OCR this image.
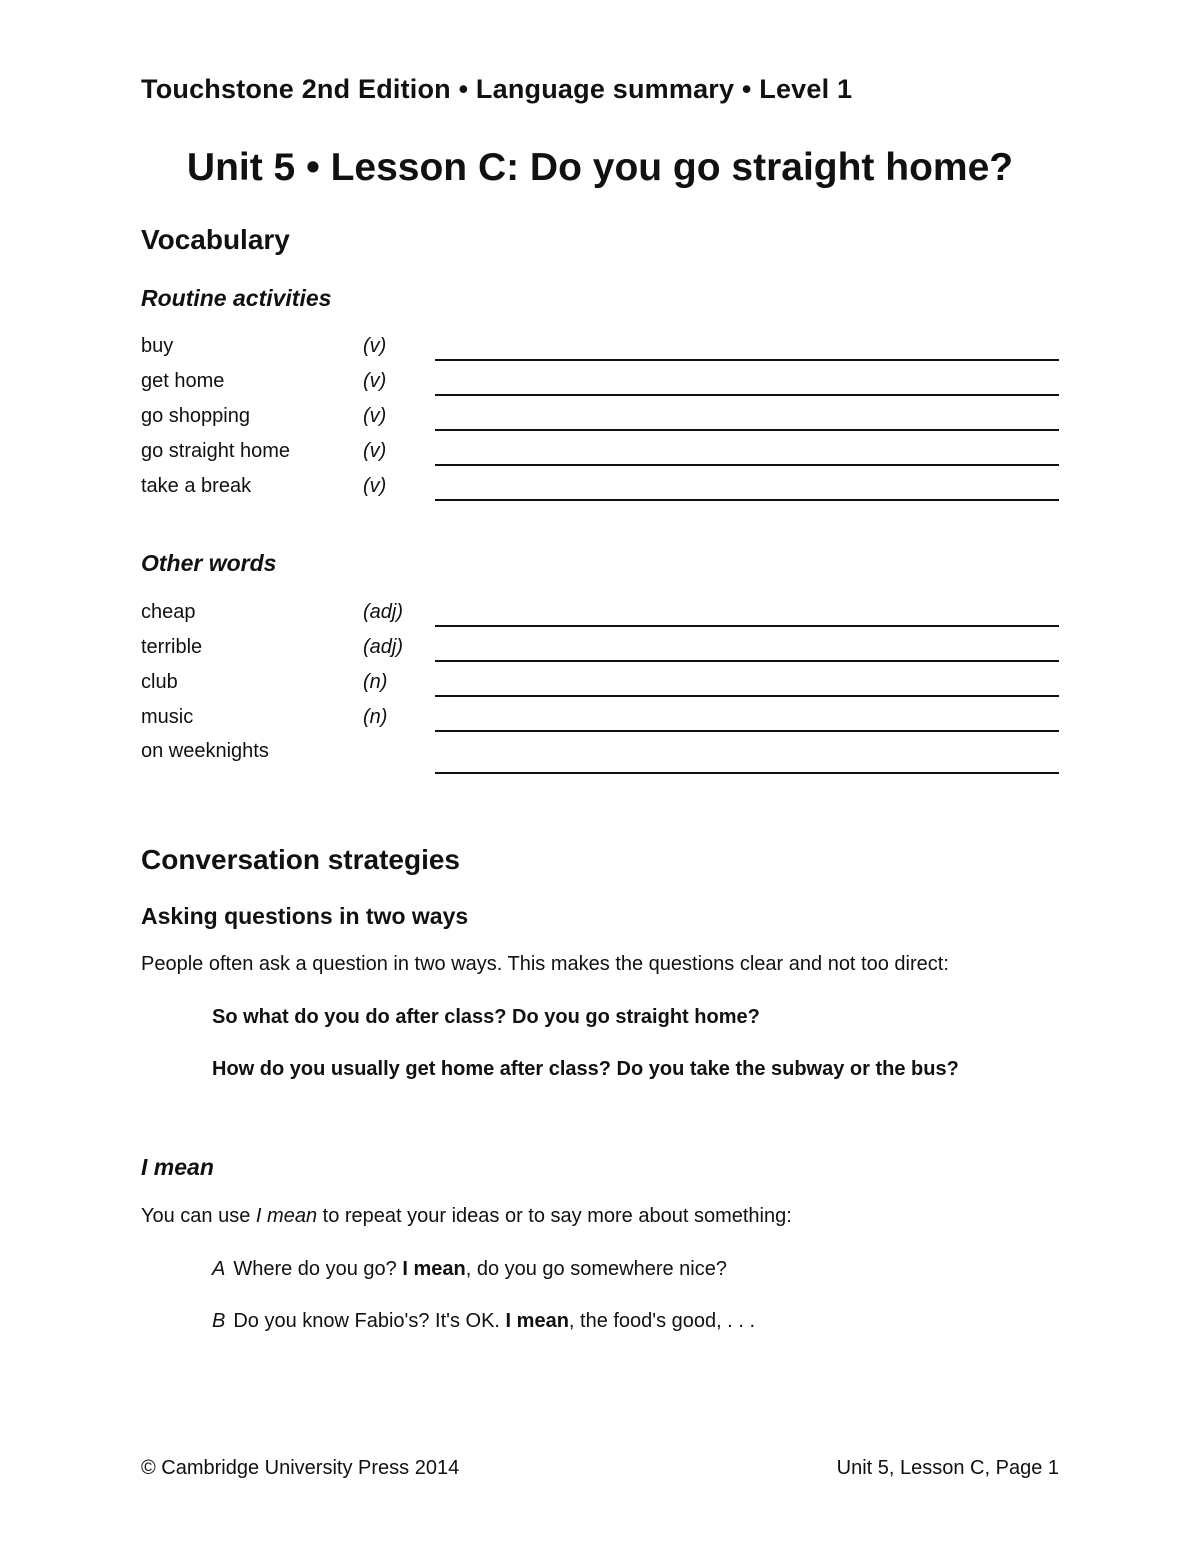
Touchstone 2nd Edition • Language summary • Level 1
Unit 5 • Lesson C: Do you go straight home?
Vocabulary
Routine activities
buy	(v)
get home	(v)
go shopping	(v)
go straight home	(v)
take a break	(v)
Other words
cheap	(adj)
terrible	(adj)
club	(n)
music	(n)
on weeknights
Conversation strategies
Asking questions in two ways
People often ask a question in two ways. This makes the questions clear and not too direct:
So what do you do after class? Do you go straight home?
How do you usually get home after class? Do you take the subway or the bus?
I mean
You can use I mean to repeat your ideas or to say more about something:
A Where do you go? I mean, do you go somewhere nice?
B Do you know Fabio's? It's OK. I mean, the food's good, . . .
© Cambridge University Press 2014	Unit 5, Lesson C, Page 1
